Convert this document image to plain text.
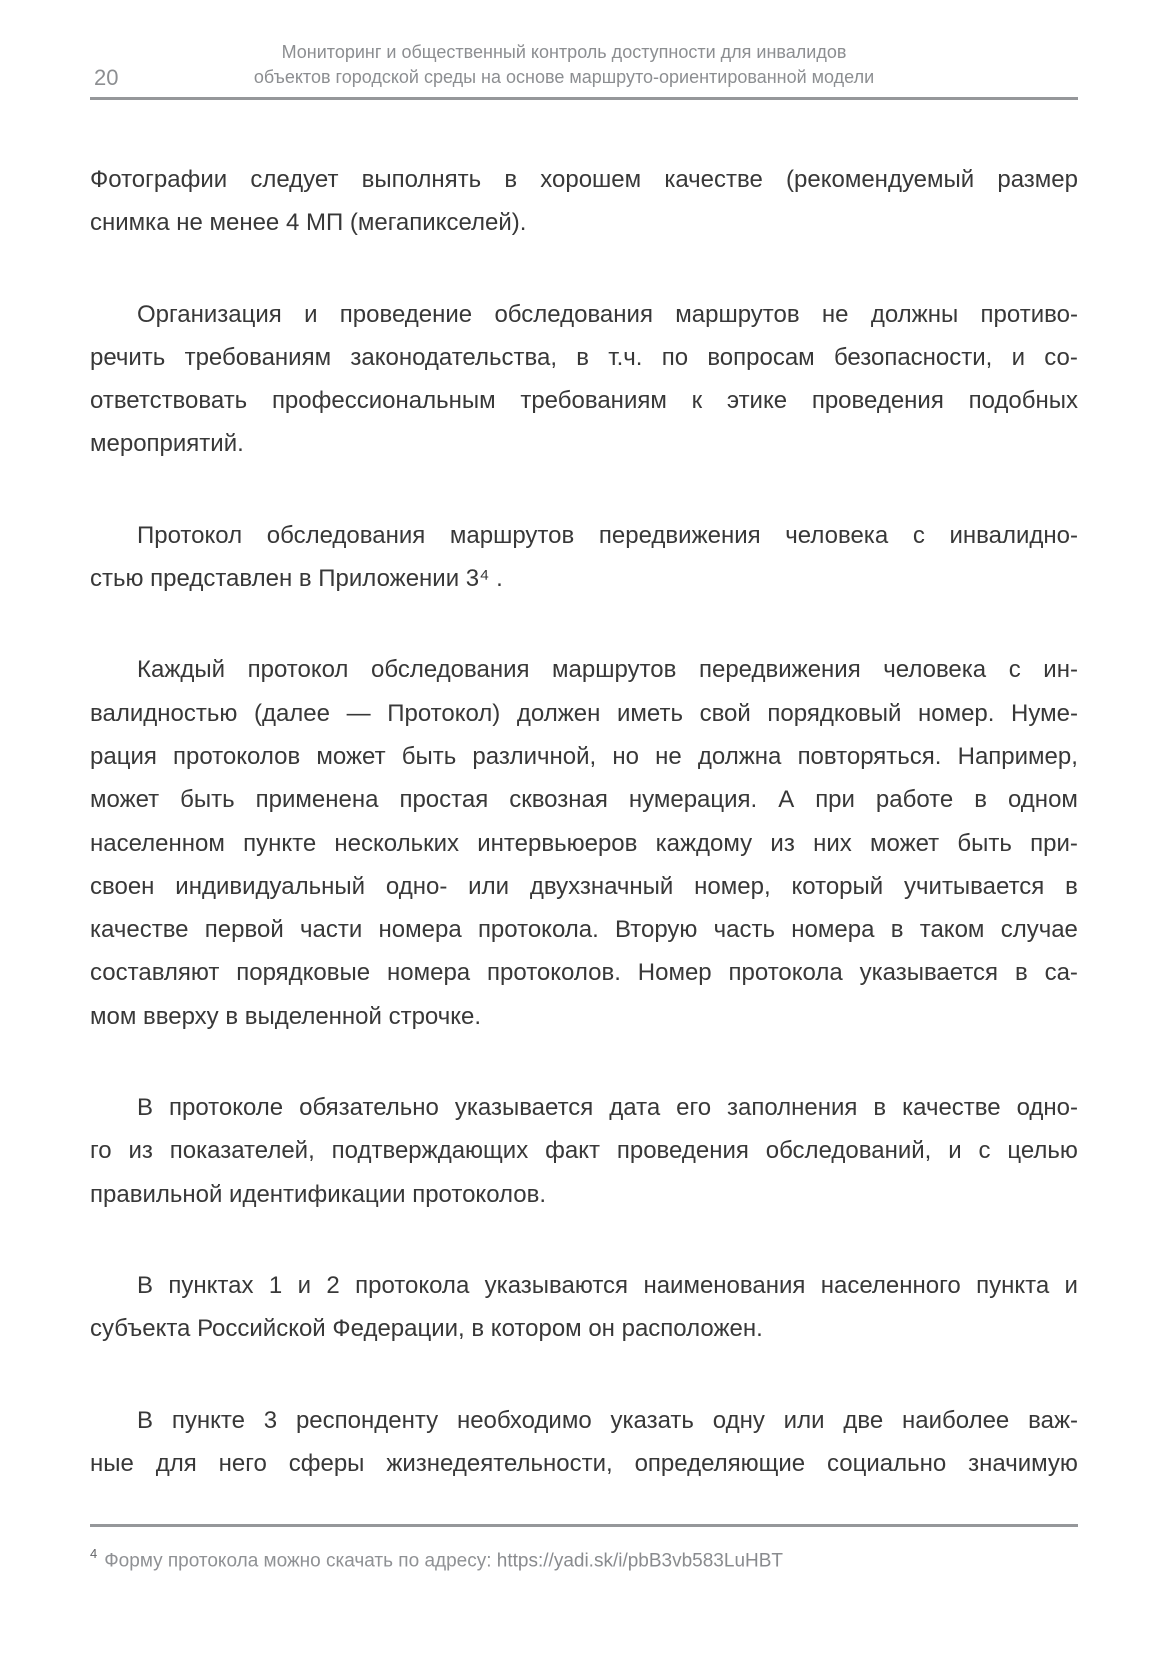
20
Мониторинг и общественный контроль доступности для инвалидов
объектов городской среды на основе маршруто-ориентированной модели
Фотографии следует выполнять в хорошем качестве (рекомендуемый размер
снимка не менее 4 МП (мегапикселей).
Организация и проведение обследования маршрутов не должны противо-
речить требованиям законодательства, в т.ч. по вопросам безопасности, и со-
ответствовать профессиональным требованиям к этике проведения подобных
мероприятий.
Протокол обследования маршрутов передвижения человека с инвалидно-
стью представлен в Приложении 3⁴ .
Каждый протокол обследования маршрутов передвижения человека с ин-
валидностью (далее — Протокол) должен иметь свой порядковый номер. Нуме-
рация протоколов может быть различной, но не должна повторяться. Например,
может быть применена простая сквозная нумерация. А при работе в одном
населенном пункте нескольких интервьюеров каждому из них может быть при-
своен индивидуальный одно- или двухзначный номер, который учитывается в
качестве первой части номера протокола. Вторую часть номера в таком случае
составляют порядковые номера протоколов. Номер протокола указывается в са-
мом вверху в выделенной строчке.
В протоколе обязательно указывается дата его заполнения в качестве одно-
го из показателей, подтверждающих факт проведения обследований, и с целью
правильной идентификации протоколов.
В пунктах 1 и 2 протокола указываются наименования населенного пункта и
субъекта Российской Федерации, в котором он расположен.
В пункте 3 респонденту необходимо указать одну или две наиболее важ-
ные для него сферы жизнедеятельности, определяющие социально значимую
$^4$ Форму протокола можно скачать по адресу: https://yadi.sk/i/pbB3vb583LuHBT
